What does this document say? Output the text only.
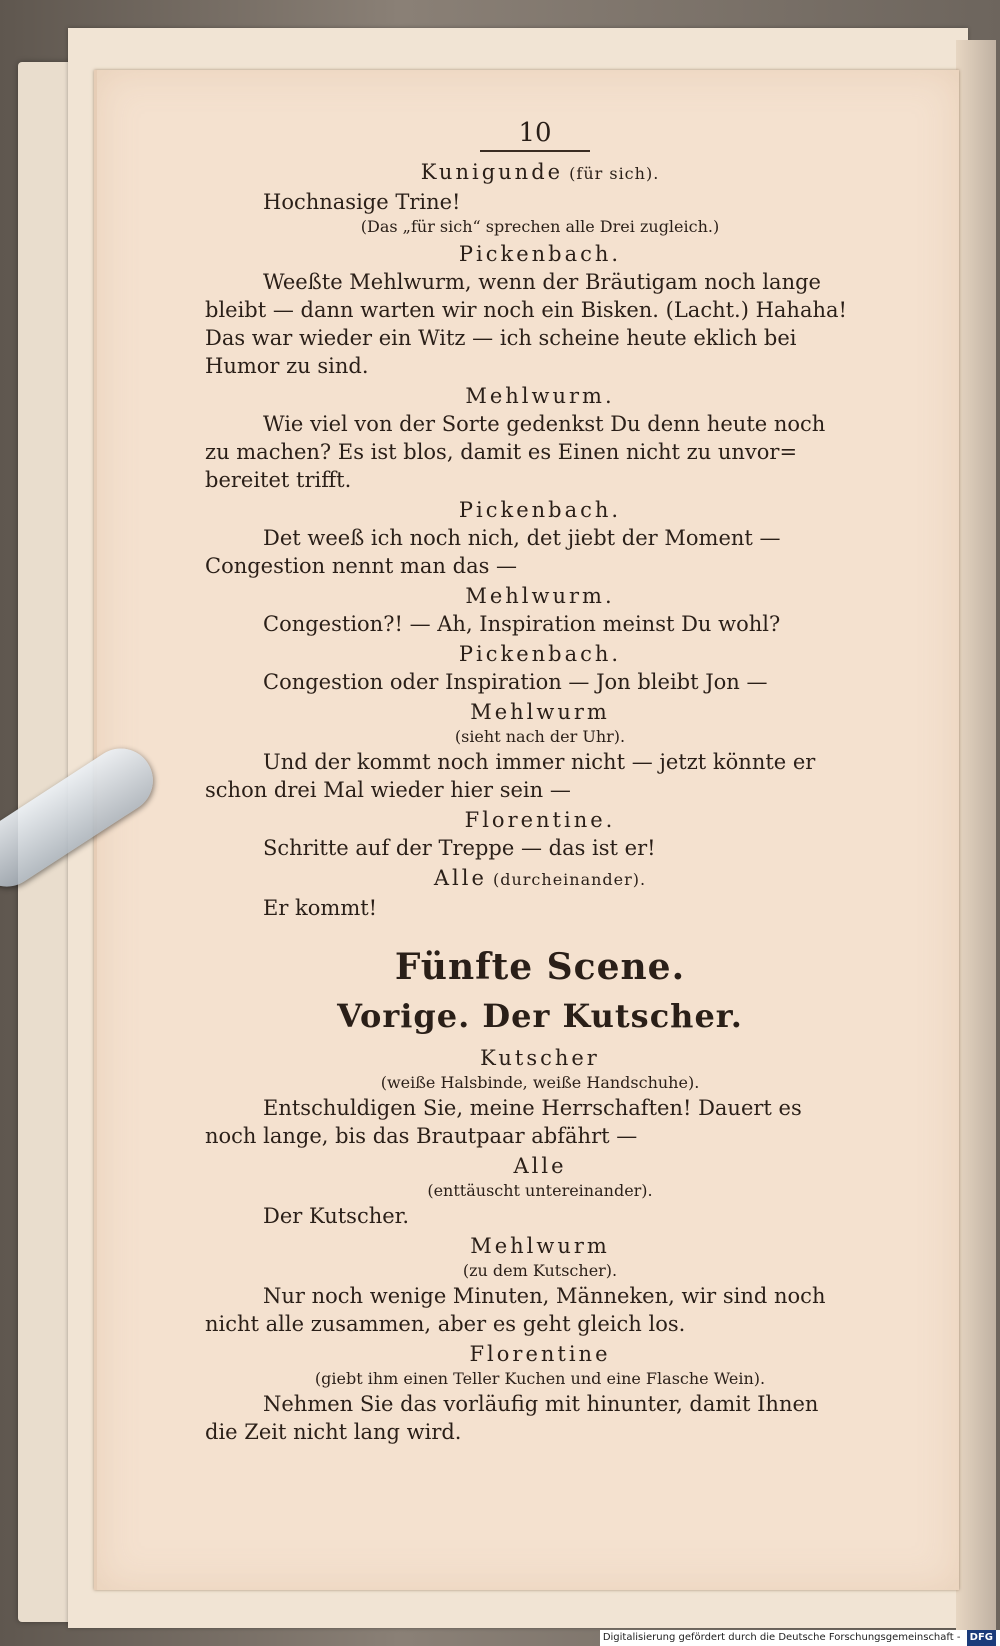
10
Kunigunde (für sich).
Hochnasige Trine!
(Das „für sich“ sprechen alle Drei zugleich.)
Pickenbach.
Weeßte Mehlwurm, wenn der Bräutigam noch lange
bleibt — dann warten wir noch ein Bisken. (Lacht.) Hahaha!
Das war wieder ein Witz — ich scheine heute eklich bei
Humor zu sind.
Mehlwurm.
Wie viel von der Sorte gedenkst Du denn heute noch
zu machen? Es ist blos, damit es Einen nicht zu unvor=
bereitet trifft.
Pickenbach.
Det weeß ich noch nich, det jiebt der Moment —
Congestion nennt man das —
Mehlwurm.
Congestion?! — Ah, Inspiration meinst Du wohl?
Pickenbach.
Congestion oder Inspiration — Jon bleibt Jon —
Mehlwurm
(sieht nach der Uhr).
Und der kommt noch immer nicht — jetzt könnte er
schon drei Mal wieder hier sein —
Florentine.
Schritte auf der Treppe — das ist er!
Alle (durcheinander).
Er kommt!
Fünfte Scene.
Vorige. Der Kutscher.
Kutscher
(weiße Halsbinde, weiße Handschuhe).
Entschuldigen Sie, meine Herrschaften! Dauert es
noch lange, bis das Brautpaar abfährt —
Alle
(enttäuscht untereinander).
Der Kutscher.
Mehlwurm
(zu dem Kutscher).
Nur noch wenige Minuten, Männeken, wir sind noch
nicht alle zusammen, aber es geht gleich los.
Florentine
(giebt ihm einen Teller Kuchen und eine Flasche Wein).
Nehmen Sie das vorläufig mit hinunter, damit Ihnen
die Zeit nicht lang wird.
Digitalisierung gefördert durch die Deutsche Forschungsgemeinschaft - DFG
